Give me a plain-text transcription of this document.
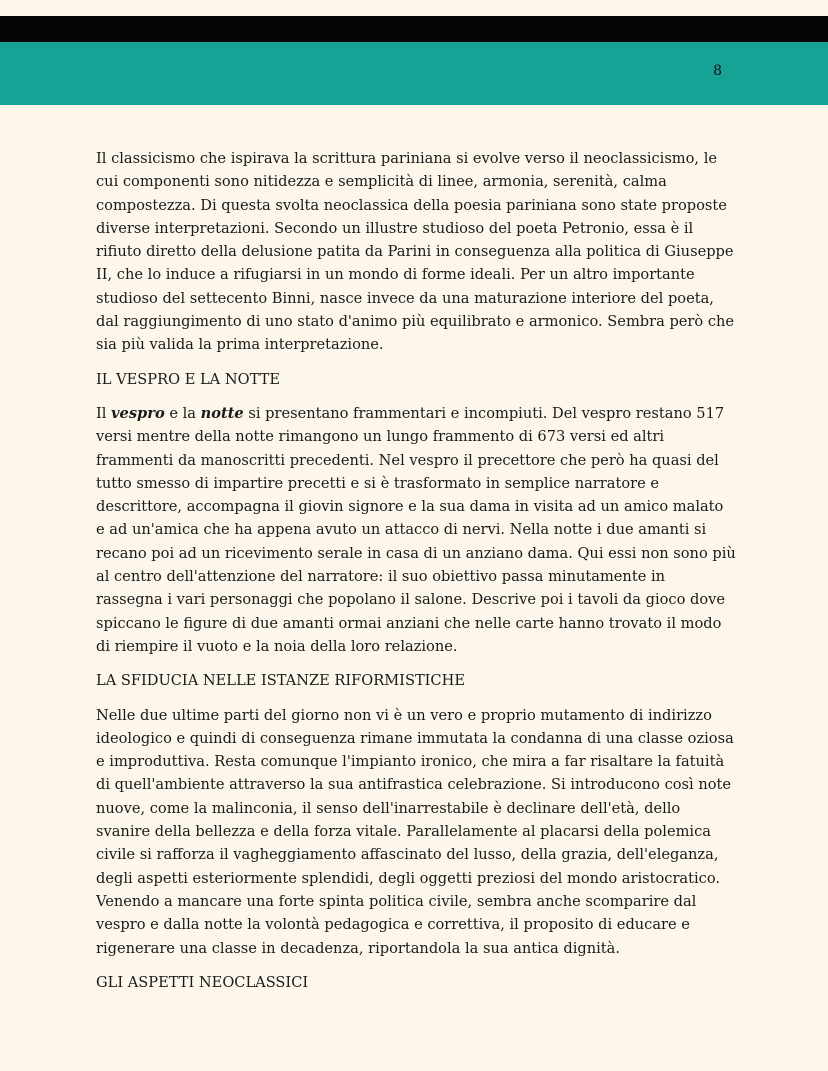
8

Il classicismo che ispirava la scrittura pariniana si evolve verso il neoclassicismo, le cui componenti sono nitidezza e semplicità di linee, armonia, serenità, calma compostezza. Di questa svolta neoclassica della poesia pariniana sono state proposte diverse interpretazioni. Secondo un illustre studioso del poeta Petronio, essa è il rifiuto diretto della delusione patita da Parini in conseguenza alla politica di Giuseppe II, che lo induce a rifugiarsi in un mondo di forme ideali. Per un altro importante studioso del settecento Binni, nasce invece da una maturazione interiore del poeta, dal raggiungimento di uno stato d'animo più equilibrato e armonico. Sembra però che sia più valida la prima interpretazione.

IL VESPRO E LA NOTTE

Il vespro e la notte si presentano frammentari e incompiuti. Del vespro restano 517 versi mentre della notte rimangono un lungo frammento di 673 versi ed altri frammenti da manoscritti precedenti. Nel vespro il precettore che però ha quasi del tutto smesso di impartire precetti e si è trasformato in semplice narratore e descrittore, accompagna il giovin signore e la sua dama in visita ad un amico malato e ad un'amica che ha appena avuto un attacco di nervi. Nella notte i due amanti si recano poi ad un ricevimento serale in casa di un anziano dama. Qui essi non sono più al centro dell'attenzione del narratore: il suo obiettivo passa minutamente in rassegna i vari personaggi che popolano il salone. Descrive poi i tavoli da gioco dove spiccano le figure di due amanti ormai anziani che nelle carte hanno trovato il modo di riempire il vuoto e la noia della loro relazione.

LA SFIDUCIA NELLE ISTANZE RIFORMISTICHE

Nelle due ultime parti del giorno non vi è un vero e proprio mutamento di indirizzo ideologico e quindi di conseguenza rimane immutata la condanna di una classe oziosa e improduttiva. Resta comunque l'impianto ironico, che mira a far risaltare la fatuità di quell'ambiente attraverso la sua antifrastica celebrazione. Si introducono così note nuove, come la malinconia, il senso dell'inarrestabile è declinare dell'età, dello svanire della bellezza e della forza vitale. Parallelamente al placarsi della polemica civile si rafforza il vagheggiamento affascinato del lusso, della grazia, dell'eleganza, degli aspetti esteriormente splendidi, degli oggetti preziosi del mondo aristocratico. Venendo a mancare una forte spinta politica civile, sembra anche scomparire dal vespro e dalla notte la volontà pedagogica e correttiva, il proposito di educare e rigenerare una classe in decadenza, riportandola la sua antica dignità.

GLI ASPETTI NEOCLASSICI
